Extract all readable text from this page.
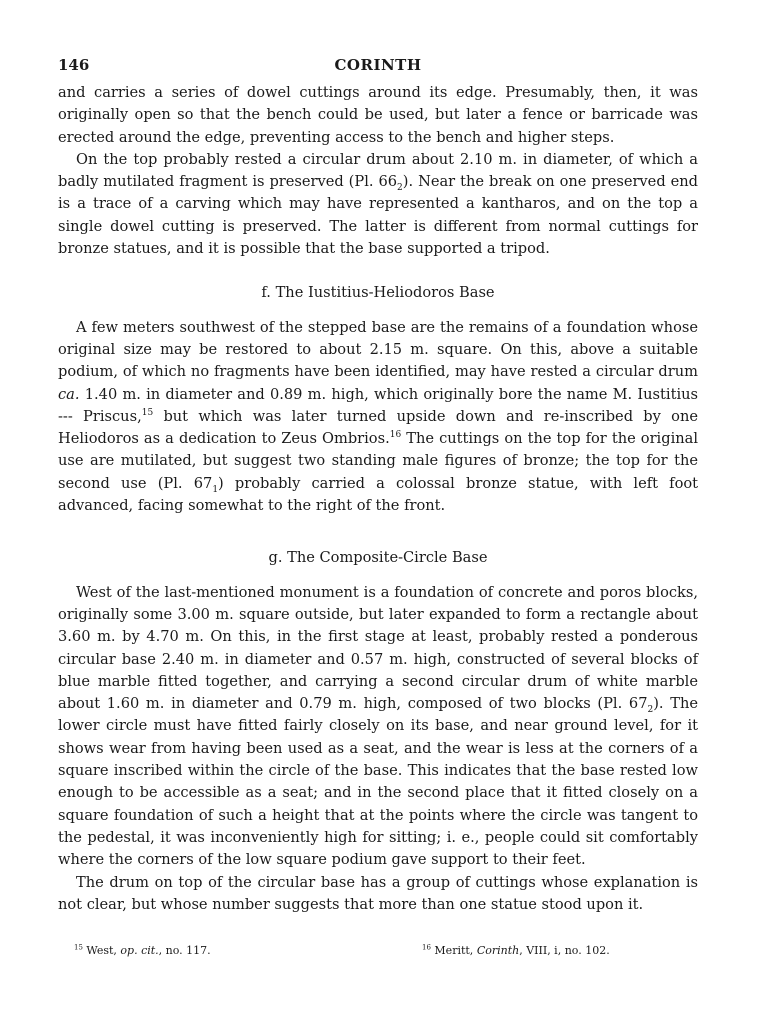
146	CORINTH

and carries a series of dowel cuttings around its edge. Presumably, then, it was originally open so that the bench could be used, but later a fence or barricade was erected around the edge, preventing access to the bench and higher steps.

On the top probably rested a circular drum about 2.10 m. in diameter, of which a badly mutilated fragment is preserved (Pl. $66_2$). Near the break on one preserved end is a trace of a carving which may have represented a kantharos, and on the top a single dowel cutting is preserved. The latter is different from normal cuttings for bronze statues, and it is possible that the base supported a tripod.

f. The Iustitius-Heliodoros Base

A few meters southwest of the stepped base are the remains of a foundation whose original size may be restored to about 2.15 m. square. On this, above a suitable podium, of which no fragments have been identified, may have rested a circular drum ca. 1.40 m. in diameter and 0.89 m. high, which originally bore the name M. Iustitius --- Priscus,$^{15}$ but which was later turned upside down and re-inscribed by one Heliodoros as a dedication to Zeus Ombrios.$^{16}$ The cuttings on the top for the original use are mutilated, but suggest two standing male figures of bronze; the top for the second use (Pl. $67_1$) probably carried a colossal bronze statue, with left foot advanced, facing somewhat to the right of the front.

g. The Composite-Circle Base

West of the last-mentioned monument is a foundation of concrete and poros blocks, originally some 3.00 m. square outside, but later expanded to form a rectangle about 3.60 m. by 4.70 m. On this, in the first stage at least, probably rested a ponderous circular base 2.40 m. in diameter and 0.57 m. high, constructed of several blocks of blue marble fitted together, and carrying a second circular drum of white marble about 1.60 m. in diameter and 0.79 m. high, composed of two blocks (Pl. $67_2$). The lower circle must have fitted fairly closely on its base, and near ground level, for it shows wear from having been used as a seat, and the wear is less at the corners of a square inscribed within the circle of the base. This indicates that the base rested low enough to be accessible as a seat; and in the second place that it fitted closely on a square foundation of such a height that at the points where the circle was tangent to the pedestal, it was inconveniently high for sitting; i. e., people could sit comfortably where the corners of the low square podium gave support to their feet.

The drum on top of the circular base has a group of cuttings whose explanation is not clear, but whose number suggests that more than one statue stood upon it.

$^{15}$ West, op. cit., no. 117.	$^{16}$ Meritt, Corinth, VIII, i, no. 102.
